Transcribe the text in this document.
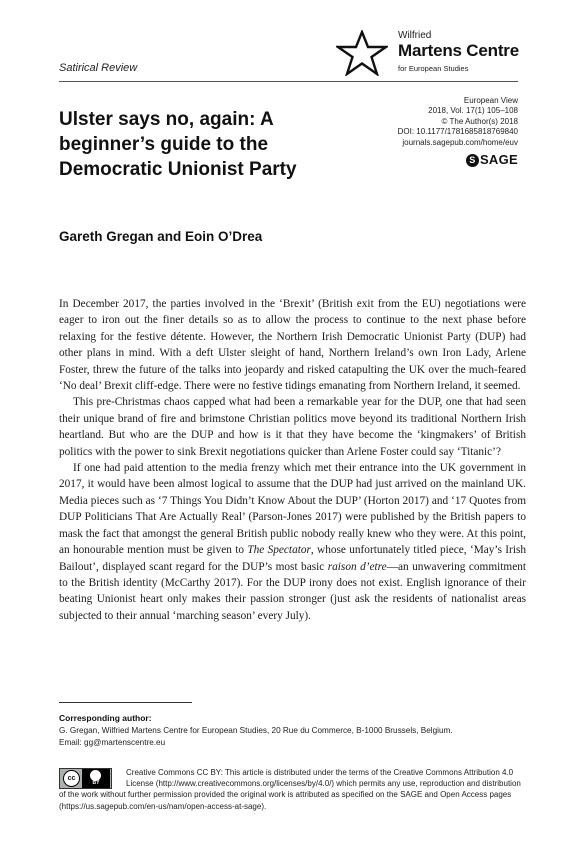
Wilfried
Martens Centre
for European Studies
Satirical Review
Ulster says no, again: A beginner’s guide to the Democratic Unionist Party
European View
2018, Vol. 17(1) 105–108
© The Author(s) 2018
DOI: 10.1177/1781685818769840
journals.sagepub.com/home/euv
S SAGE
Gareth Gregan and Eoin O’Drea

In December 2017, the parties involved in the ‘Brexit’ (British exit from the EU) negotiations were eager to iron out the finer details so as to allow the process to continue to the next phase before relaxing for the festive détente. However, the Northern Irish Democratic Unionist Party (DUP) had other plans in mind. With a deft Ulster sleight of hand, Northern Ireland’s own Iron Lady, Arlene Foster, threw the future of the talks into jeopardy and risked catapulting the UK over the much-feared ‘No deal’ Brexit cliff-edge. There were no festive tidings emanating from Northern Ireland, it seemed.

This pre-Christmas chaos capped what had been a remarkable year for the DUP, one that had seen their unique brand of fire and brimstone Christian politics move beyond its traditional Northern Irish heartland. But who are the DUP and how is it that they have become the ‘kingmakers’ of British politics with the power to sink Brexit negotiations quicker than Arlene Foster could say ‘Titanic’?

If one had paid attention to the media frenzy which met their entrance into the UK government in 2017, it would have been almost logical to assume that the DUP had just arrived on the mainland UK. Media pieces such as ‘7 Things You Didn’t Know About the DUP’ (Horton 2017) and ‘17 Quotes from DUP Politicians That Are Actually Real’ (Parson-Jones 2017) were published by the British papers to mask the fact that amongst the general British public nobody really knew who they were. At this point, an honourable mention must be given to The Spectator, whose unfortunately titled piece, ‘May’s Irish Bailout’, displayed scant regard for the DUP’s most basic raison d’etre—an unwavering commitment to the British identity (McCarthy 2017). For the DUP irony does not exist. English ignorance of their beating Unionist heart only makes their passion stronger (just ask the residents of nationalist areas subjected to their annual ‘marching season’ every July).

Corresponding author:
G. Gregan, Wilfried Martens Centre for European Studies, 20 Rue du Commerce, B-1000 Brussels, Belgium.
Email: gg@martenscentre.eu
cc
BY

Creative Commons CC BY: This article is distributed under the terms of the Creative Commons Attribution 4.0 License (http://www.creativecommons.org/licenses/by/4.0/) which permits any use, reproduction and distribution of the work without further permission provided the original work is attributed as specified on the SAGE and Open Access pages (https://us.sagepub.com/en-us/nam/open-access-at-sage).
